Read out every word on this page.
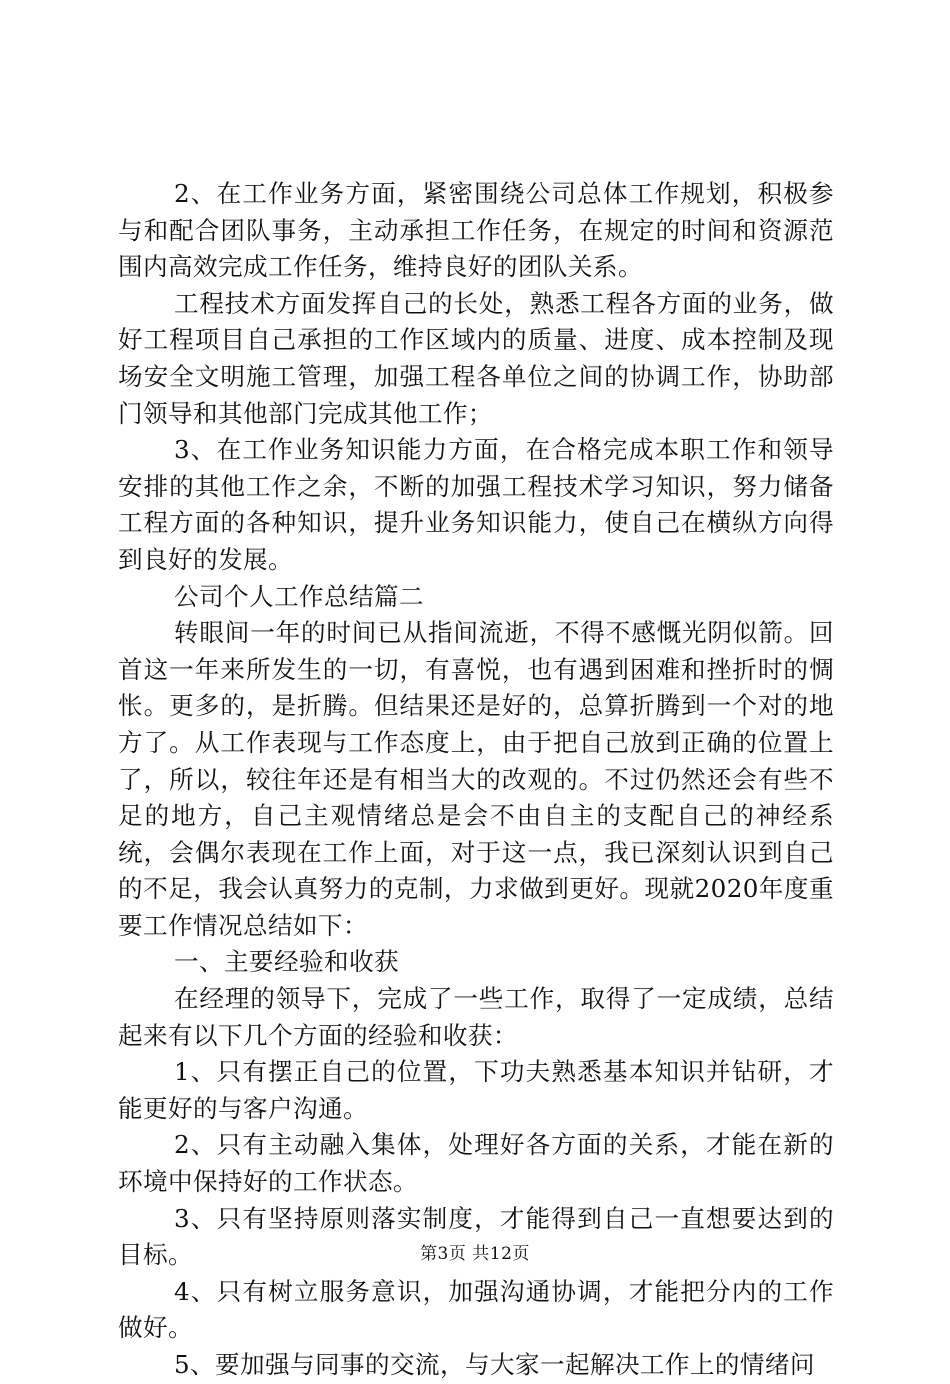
2、在工作业务方面，紧密围绕公司总体工作规划，积极参与和配合团队事务，主动承担工作任务，在规定的时间和资源范围内高效完成工作任务，维持良好的团队关系。

工程技术方面发挥自己的长处，熟悉工程各方面的业务，做好工程项目自己承担的工作区域内的质量、进度、成本控制及现场安全文明施工管理，加强工程各单位之间的协调工作，协助部门领导和其他部门完成其他工作；

3、在工作业务知识能力方面，在合格完成本职工作和领导安排的其他工作之余，不断的加强工程技术学习知识，努力储备工程方面的各种知识，提升业务知识能力，使自己在横纵方向得到良好的发展。

公司个人工作总结篇二

转眼间一年的时间已从指间流逝，不得不感慨光阴似箭。回首这一年来所发生的一切，有喜悦，也有遇到困难和挫折时的惆怅。更多的，是折腾。但结果还是好的，总算折腾到一个对的地方了。从工作表现与工作态度上，由于把自己放到正确的位置上了，所以，较往年还是有相当大的改观的。不过仍然还会有些不足的地方，自己主观情绪总是会不由自主的支配自己的神经系统，会偶尔表现在工作上面，对于这一点，我已深刻认识到自己的不足，我会认真努力的克制，力求做到更好。现就2020年度重要工作情况总结如下：

一、主要经验和收获

在经理的领导下，完成了一些工作，取得了一定成绩，总结起来有以下几个方面的经验和收获：

1、只有摆正自己的位置，下功夫熟悉基本知识并钻研，才能更好的与客户沟通。

2、只有主动融入集体，处理好各方面的关系，才能在新的环境中保持好的工作状态。

3、只有坚持原则落实制度，才能得到自己一直想要达到的目标。

4、只有树立服务意识，加强沟通协调，才能把分内的工作做好。

5、要加强与同事的交流，与大家一起解决工作上的情绪问

第3页 共12页
